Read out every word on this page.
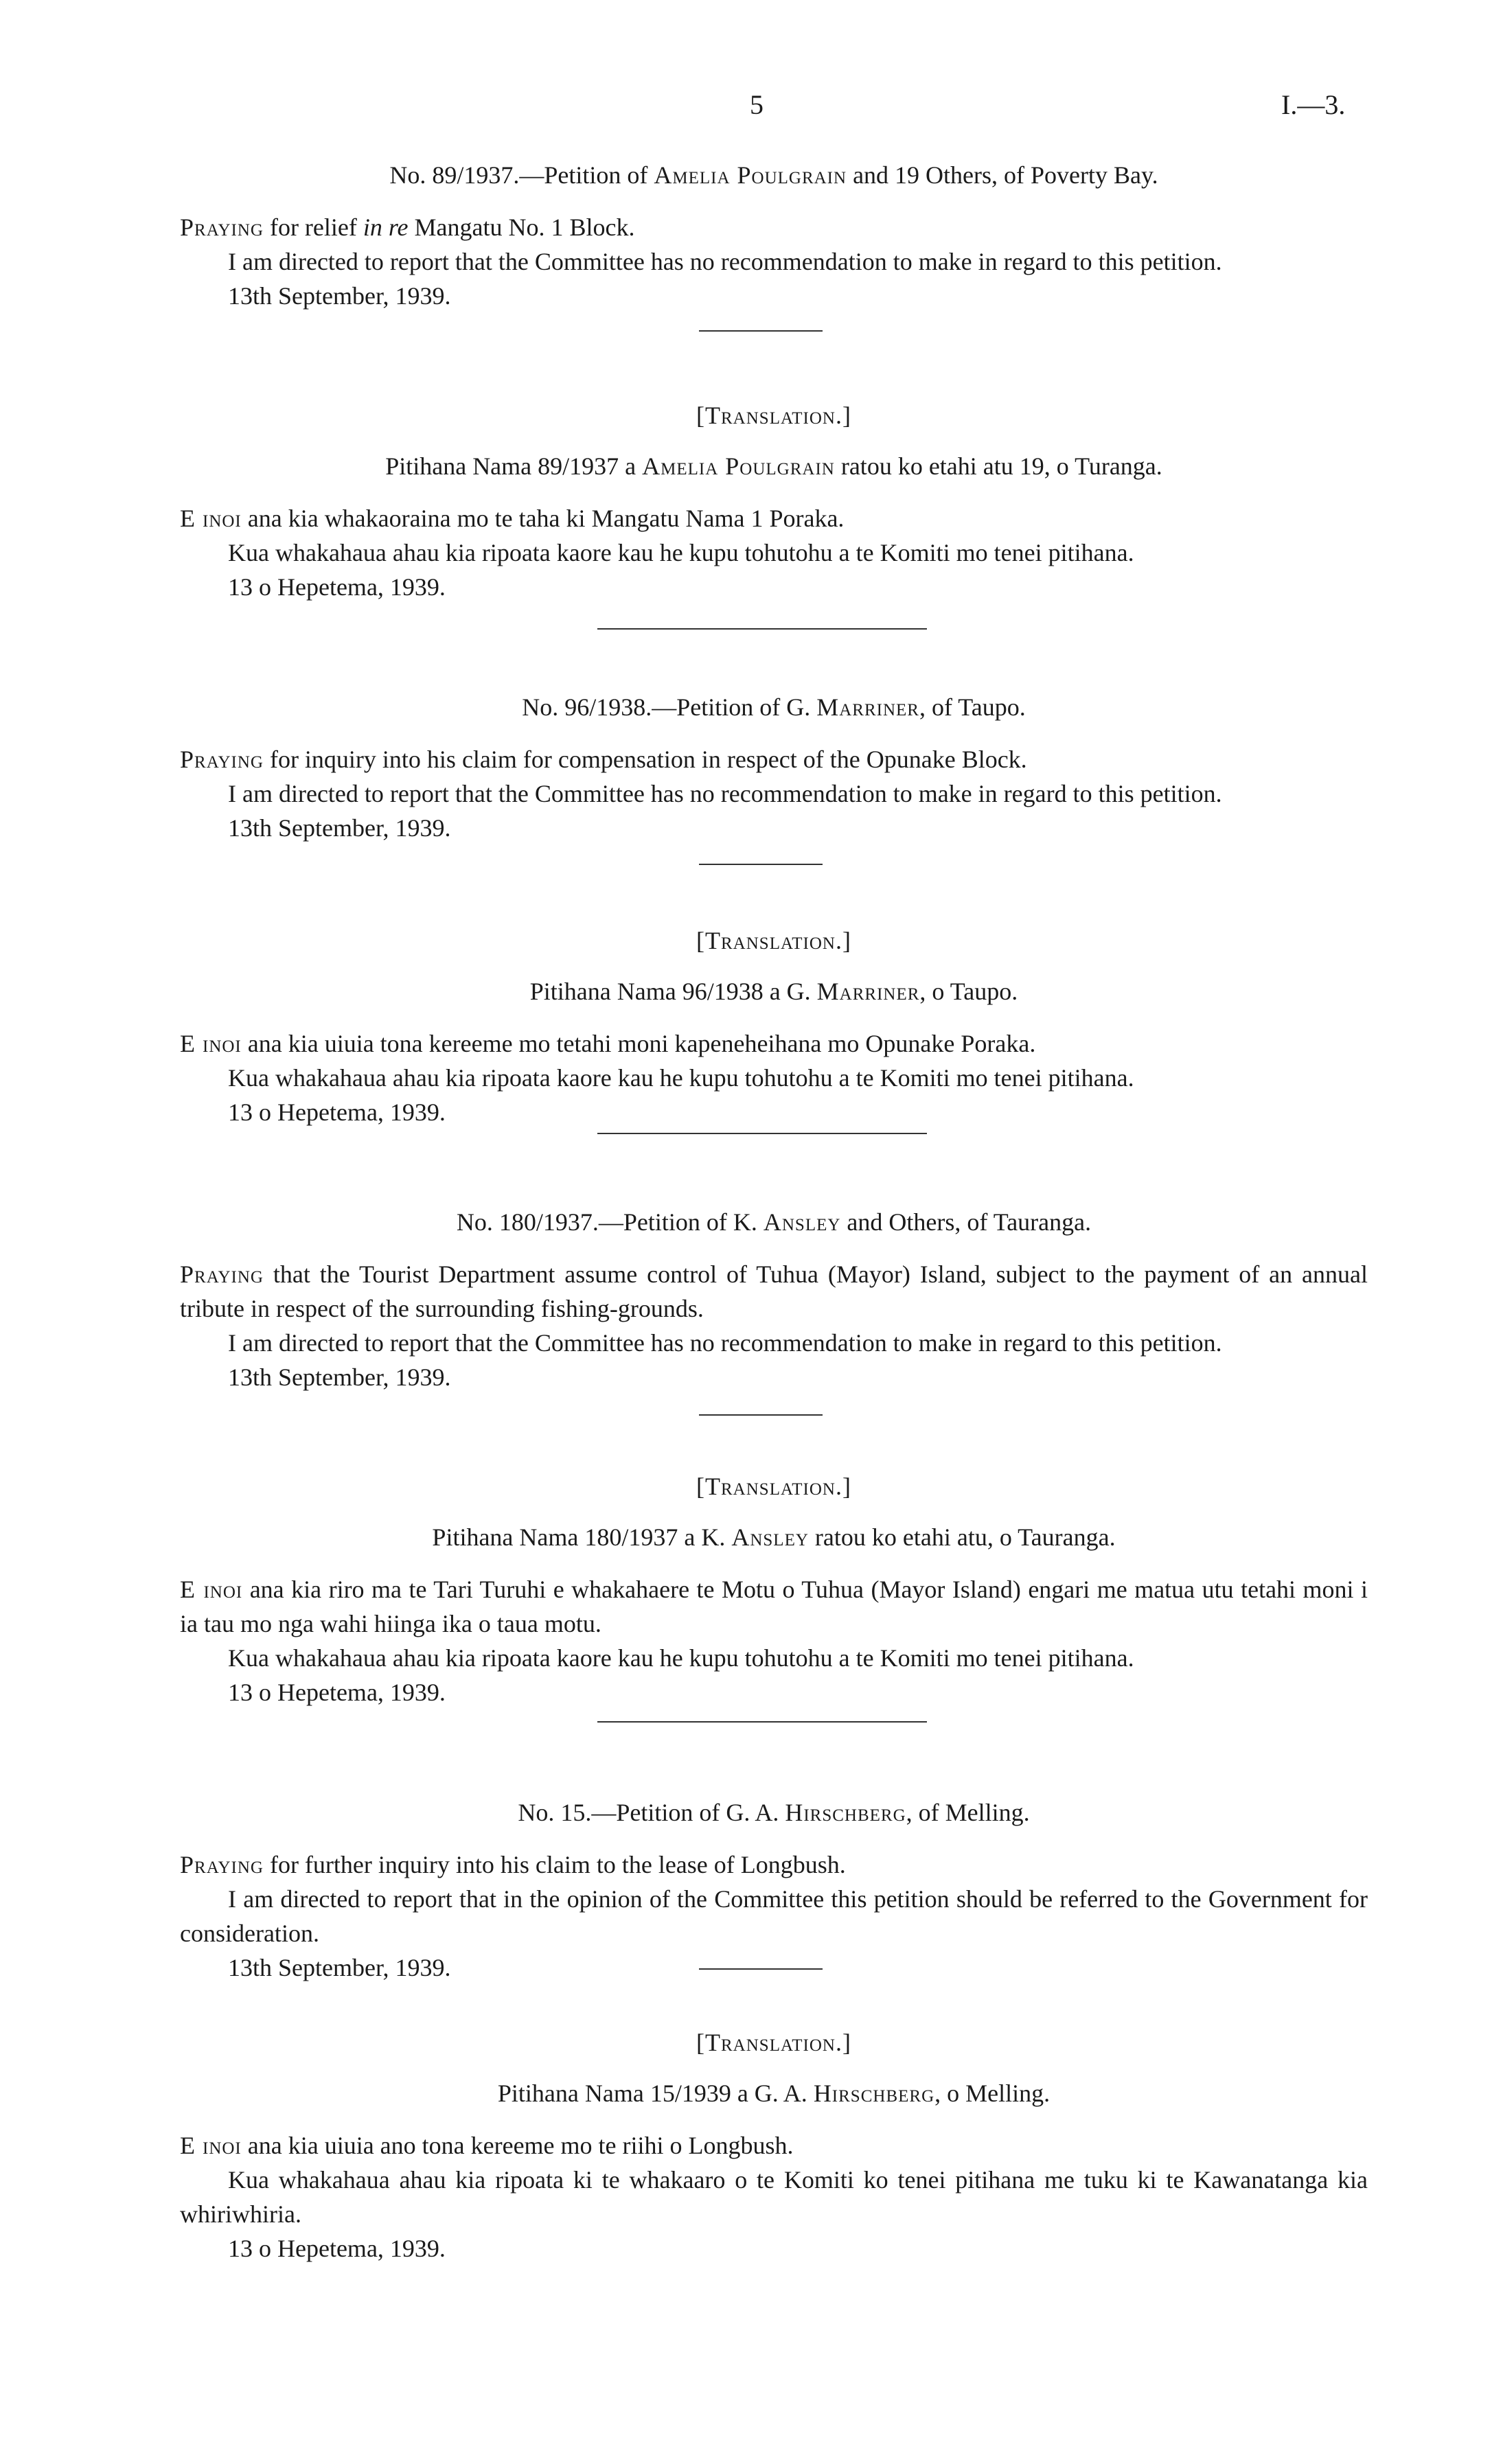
5	I.—3.

No. 89/1937.—Petition of Amelia Poulgrain and 19 Others, of Poverty Bay.

Praying for relief in re Mangatu No. 1 Block.

I am directed to report that the Committee has no recommendation to make in regard to this petition.

13th September, 1939.

[Translation.]

Pitihana Nama 89/1937 a Amelia Poulgrain ratou ko etahi atu 19, o Turanga.

E inoi ana kia whakaoraina mo te taha ki Mangatu Nama 1 Poraka.

Kua whakahaua ahau kia ripoata kaore kau he kupu tohutohu a te Komiti mo tenei pitihana.

13 o Hepetema, 1939.

No. 96/1938.—Petition of G. Marriner, of Taupo.

Praying for inquiry into his claim for compensation in respect of the Opunake Block.

I am directed to report that the Committee has no recommendation to make in regard to this petition.

13th September, 1939.

[Translation.]

Pitihana Nama 96/1938 a G. Marriner, o Taupo.

E inoi ana kia uiuia tona kereeme mo tetahi moni kapeneheihana mo Opunake Poraka.

Kua whakahaua ahau kia ripoata kaore kau he kupu tohutohu a te Komiti mo tenei pitihana.

13 o Hepetema, 1939.

No. 180/1937.—Petition of K. Ansley and Others, of Tauranga.

Praying that the Tourist Department assume control of Tuhua (Mayor) Island, subject to the payment of an annual tribute in respect of the surrounding fishing-grounds.

I am directed to report that the Committee has no recommendation to make in regard to this petition.

13th September, 1939.

[Translation.]

Pitihana Nama 180/1937 a K. Ansley ratou ko etahi atu, o Tauranga.

E inoi ana kia riro ma te Tari Turuhi e whakahaere te Motu o Tuhua (Mayor Island) engari me matua utu tetahi moni i ia tau mo nga wahi hiinga ika o taua motu.

Kua whakahaua ahau kia ripoata kaore kau he kupu tohutohu a te Komiti mo tenei pitihana.

13 o Hepetema, 1939.

No. 15.—Petition of G. A. Hirschberg, of Melling.

Praying for further inquiry into his claim to the lease of Longbush.

I am directed to report that in the opinion of the Committee this petition should be referred to the Government for consideration.

13th September, 1939.

[Translation.]

Pitihana Nama 15/1939 a G. A. Hirschberg, o Melling.

E inoi ana kia uiuia ano tona kereeme mo te riihi o Longbush.

Kua whakahaua ahau kia ripoata ki te whakaaro o te Komiti ko tenei pitihana me tuku ki te Kawanatanga kia whiriwhiria.

13 o Hepetema, 1939.
